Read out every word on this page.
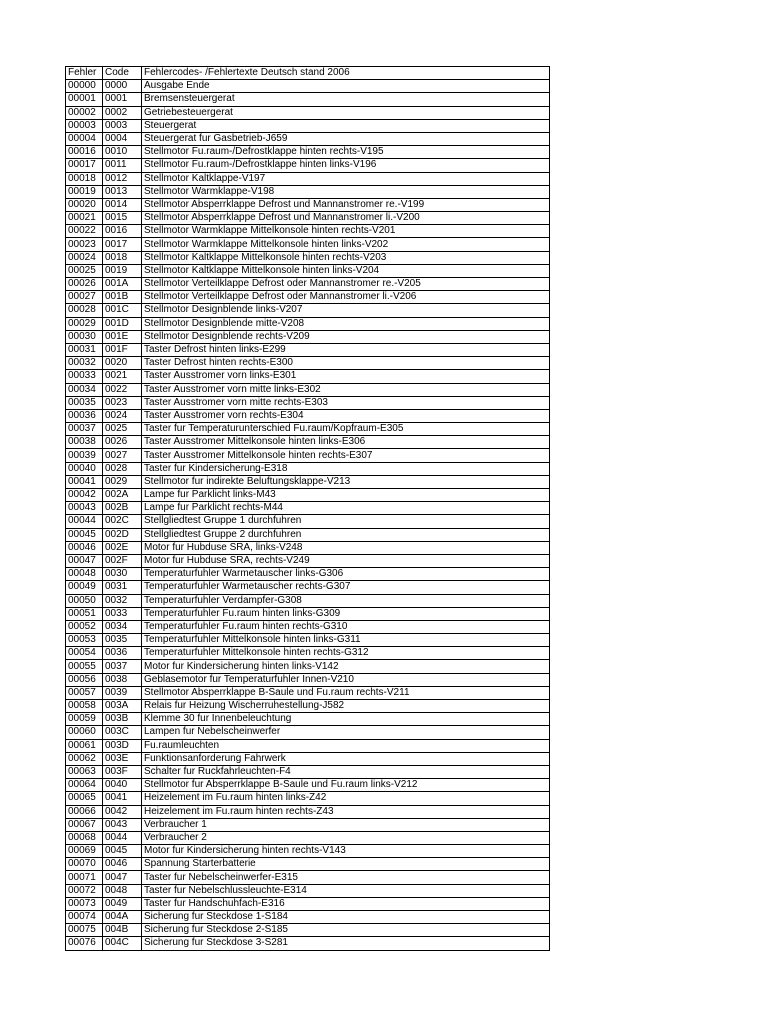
Fehler	Code	Fehlercodes- /Fehlertexte Deutsch stand 2006
00000	0000	Ausgabe Ende
00001	0001	Bremsensteuergerat
00002	0002	Getriebesteuergerat
00003	0003	Steuergerat
00004	0004	Steuergerat fur Gasbetrieb-J659
00016	0010	Stellmotor Fu.raum-/Defrostklappe hinten rechts-V195
00017	0011	Stellmotor Fu.raum-/Defrostklappe hinten links-V196
00018	0012	Stellmotor Kaltklappe-V197
00019	0013	Stellmotor Warmklappe-V198
00020	0014	Stellmotor Absperrklappe Defrost und Mannanstromer re.-V199
00021	0015	Stellmotor Absperrklappe Defrost und Mannanstromer li.-V200
00022	0016	Stellmotor Warmklappe Mittelkonsole hinten rechts-V201
00023	0017	Stellmotor Warmklappe Mittelkonsole hinten links-V202
00024	0018	Stellmotor Kaltklappe Mittelkonsole hinten rechts-V203
00025	0019	Stellmotor Kaltklappe Mittelkonsole hinten links-V204
00026	001A	Stellmotor Verteilklappe Defrost oder Mannanstromer re.-V205
00027	001B	Stellmotor Verteilklappe Defrost oder Mannanstromer li.-V206
00028	001C	Stellmotor Designblende links-V207
00029	001D	Stellmotor Designblende mitte-V208
00030	001E	Stellmotor Designblende rechts-V209
00031	001F	Taster Defrost hinten links-E299
00032	0020	Taster Defrost hinten rechts-E300
00033	0021	Taster Ausstromer vorn links-E301
00034	0022	Taster Ausstromer vorn mitte links-E302
00035	0023	Taster Ausstromer vorn mitte rechts-E303
00036	0024	Taster Ausstromer vorn rechts-E304
00037	0025	Taster fur Temperaturunterschied Fu.raum/Kopfraum-E305
00038	0026	Taster Ausstromer Mittelkonsole hinten links-E306
00039	0027	Taster Ausstromer Mittelkonsole hinten rechts-E307
00040	0028	Taster fur Kindersicherung-E318
00041	0029	Stellmotor fur indirekte Beluftungsklappe-V213
00042	002A	Lampe fur Parklicht links-M43
00043	002B	Lampe fur Parklicht rechts-M44
00044	002C	Stellgliedtest Gruppe 1 durchfuhren
00045	002D	Stellgliedtest Gruppe 2 durchfuhren
00046	002E	Motor fur Hubduse SRA, links-V248
00047	002F	Motor fur Hubduse SRA, rechts-V249
00048	0030	Temperaturfuhler Warmetauscher links-G306
00049	0031	Temperaturfuhler Warmetauscher rechts-G307
00050	0032	Temperaturfuhler Verdampfer-G308
00051	0033	Temperaturfuhler Fu.raum hinten links-G309
00052	0034	Temperaturfuhler Fu.raum hinten rechts-G310
00053	0035	Temperaturfuhler Mittelkonsole hinten links-G311
00054	0036	Temperaturfuhler Mittelkonsole hinten rechts-G312
00055	0037	Motor fur Kindersicherung hinten links-V142
00056	0038	Geblasemotor fur Temperaturfuhler Innen-V210
00057	0039	Stellmotor Absperrklappe B-Saule und Fu.raum rechts-V211
00058	003A	Relais fur Heizung Wischerruhestellung-J582
00059	003B	Klemme 30 fur Innenbeleuchtung
00060	003C	Lampen fur Nebelscheinwerfer
00061	003D	Fu.raumleuchten
00062	003E	Funktionsanforderung Fahrwerk
00063	003F	Schalter fur Ruckfahrleuchten-F4
00064	0040	Stellmotor fur Absperrklappe B-Saule und Fu.raum links-V212
00065	0041	Heizelement im Fu.raum hinten links-Z42
00066	0042	Heizelement im Fu.raum hinten rechts-Z43
00067	0043	Verbraucher 1
00068	0044	Verbraucher 2
00069	0045	Motor fur Kindersicherung hinten rechts-V143
00070	0046	Spannung Starterbatterie
00071	0047	Taster fur Nebelscheinwerfer-E315
00072	0048	Taster fur Nebelschlussleuchte-E314
00073	0049	Taster fur Handschuhfach-E316
00074	004A	Sicherung fur Steckdose 1-S184
00075	004B	Sicherung fur Steckdose 2-S185
00076	004C	Sicherung fur Steckdose 3-S281
